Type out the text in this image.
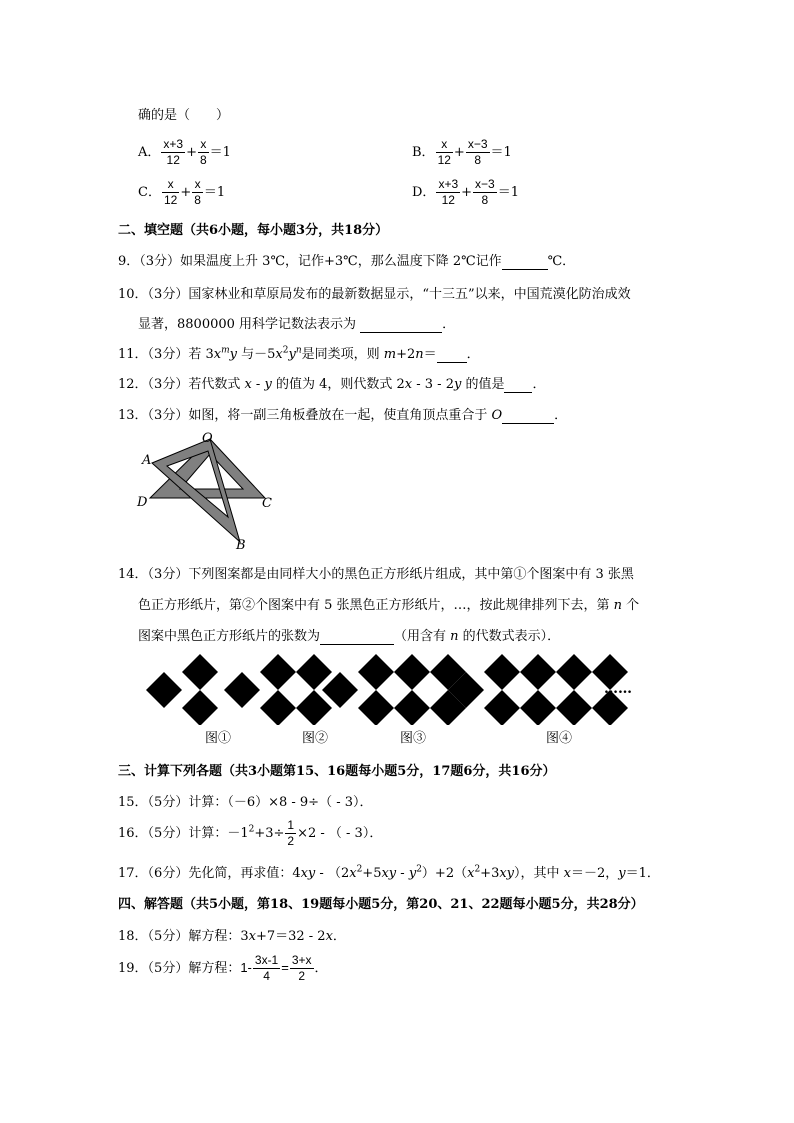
确的是（　　）
A． $\frac{x+3}{12} + \frac{x}{8} =1$	B． $\frac{x}{12} + \frac{x-3}{8} =1$
C． $\frac{x}{12} + \frac{x}{8} =1$	D． $\frac{x+3}{12} + \frac{x-3}{8} =1$
二、填空题（共6小题，每小题3分，共18分）
9．（3分）如果温度上升 3℃，记作+3℃，那么温度下降 2℃记作	℃．
10．（3分）国家林业和草原局发布的最新数据显示，“十三五”以来，中国荒漠化防治成效
显著，8800000 用科学记数法表示为	．
11．（3分）若 $3x^my$ 与$-5x^2y^n$是同类项，则 m+2n＝ ．
12．（3分）若代数式 x - y 的值为 4，则代数式 2x - 3 - 2y 的值是 ．
13．（3分）如图，将一副三角板叠放在一起，使直角顶点重合于 O	．
O
A
D	C
B
14．（3分）下列图案都是由同样大小的黑色正方形纸片组成，其中第①个图案中有 3 张黑
色正方形纸片，第②个图案中有 5 张黑色正方形纸片，…，按此规律排列下去，第 n 个
图案中黑色正方形纸片的张数为	（用含有 n 的代数式表示）．
……
图①	图②	图③	图④
三、计算下列各题（共3小题第15、16题每小题5分，17题6分，共16分）
15．（5分）计算：（－6）×8 - 9÷（ - 3）．
16．（5分）计算：$-1^2+3\div \frac{1}{2} \times 2$ - （ - 3）．
17．（6分）先化简，再求值：$4xy - (2x^2+5xy - y^2)+2(x^2+3xy)$，其中 x＝－2，y＝1．
四、解答题（共5小题，第18、19题每小题5分，第20、21、22题每小题5分，共28分）
18．（5分）解方程：3x+7＝32 - 2x．
19．（5分）解方程：$1- \frac{3x-1}{4} = \frac{3+x}{2}$ ．
